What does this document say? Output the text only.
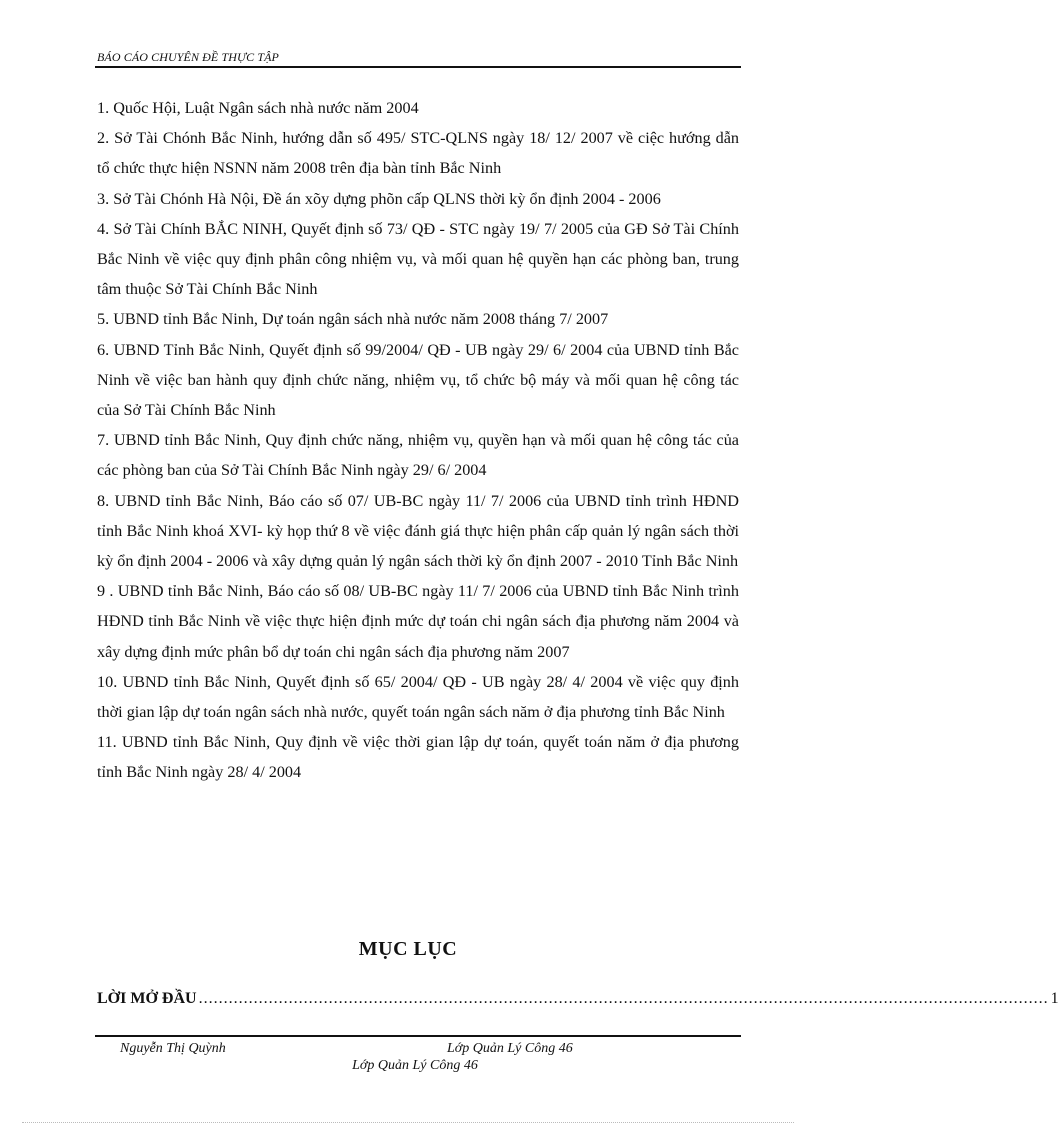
BÁO CÁO CHUYÊN ĐỀ THỰC TẬP
1. Quốc Hội, Luật Ngân sách nhà nước năm 2004
2. Sở Tài Chónh Bắc Ninh, hướng dẫn số 495/ STC-QLNS ngày 18/ 12/ 2007 về ciệc hướng dẫn tổ chức thực hiện NSNN năm 2008 trên địa bàn tỉnh Bắc Ninh
3. Sở Tài Chónh Hà Nội, Đề án xõy dựng phõn cấp QLNS thời kỳ ổn định 2004 - 2006
4. Sở Tài Chính BẮC NINH, Quyết định số 73/ QĐ - STC ngày 19/ 7/ 2005 của GĐ Sở Tài Chính Bắc Ninh về việc quy định phân công nhiệm vụ, và mối quan hệ quyền hạn các phòng ban, trung tâm thuộc Sở Tài Chính Bắc Ninh
5. UBND tỉnh Bắc Ninh, Dự toán ngân sách nhà nước năm 2008 tháng 7/ 2007
6. UBND Tỉnh Bắc Ninh, Quyết định số 99/2004/ QĐ - UB ngày 29/ 6/ 2004 của UBND tỉnh Bắc Ninh về việc ban hành quy định chức năng, nhiệm vụ, tổ chức bộ máy và mối quan hệ công tác của Sở Tài Chính Bắc Ninh
7. UBND tỉnh Bắc Ninh, Quy định chức năng, nhiệm vụ, quyền hạn và mối quan hệ công tác của các phòng ban của Sở Tài Chính Bắc Ninh ngày 29/ 6/ 2004
8. UBND tỉnh Bắc Ninh, Báo cáo số 07/ UB-BC ngày 11/ 7/ 2006 của UBND tỉnh trình HĐND tỉnh Bắc Ninh khoá XVI- kỳ họp thứ 8 về việc đánh giá thực hiện phân cấp quản lý ngân sách thời kỳ ổn định 2004 - 2006 và xây dựng quản lý ngân sách thời kỳ ổn định 2007 - 2010 Tỉnh Bắc Ninh
9 . UBND tỉnh Bắc Ninh, Báo cáo số 08/ UB-BC ngày 11/ 7/ 2006 của UBND tỉnh Bắc Ninh trình HĐND tỉnh Bắc Ninh về việc thực hiện định mức dự toán chi ngân sách địa phương năm 2004 và xây dựng định mức phân bổ dự toán chi ngân sách địa phương năm 2007
10. UBND tỉnh Bắc Ninh, Quyết định số 65/ 2004/ QĐ - UB ngày 28/ 4/ 2004 về việc quy định thời gian lập dự toán ngân sách nhà nước, quyết toán ngân sách năm ở địa phương tỉnh Bắc Ninh
11. UBND tỉnh Bắc Ninh, Quy định về việc thời gian lập dự toán, quyết toán năm ở địa phương tỉnh Bắc Ninh ngày 28/ 4/ 2004
MỤC LỤC
LỜI MỞ ĐẦU .......................................................................................................................................................................... 1
Nguyễn Thị Quỳnh	Lớp Quản Lý Công 46
Lớp Quản Lý Công 46
